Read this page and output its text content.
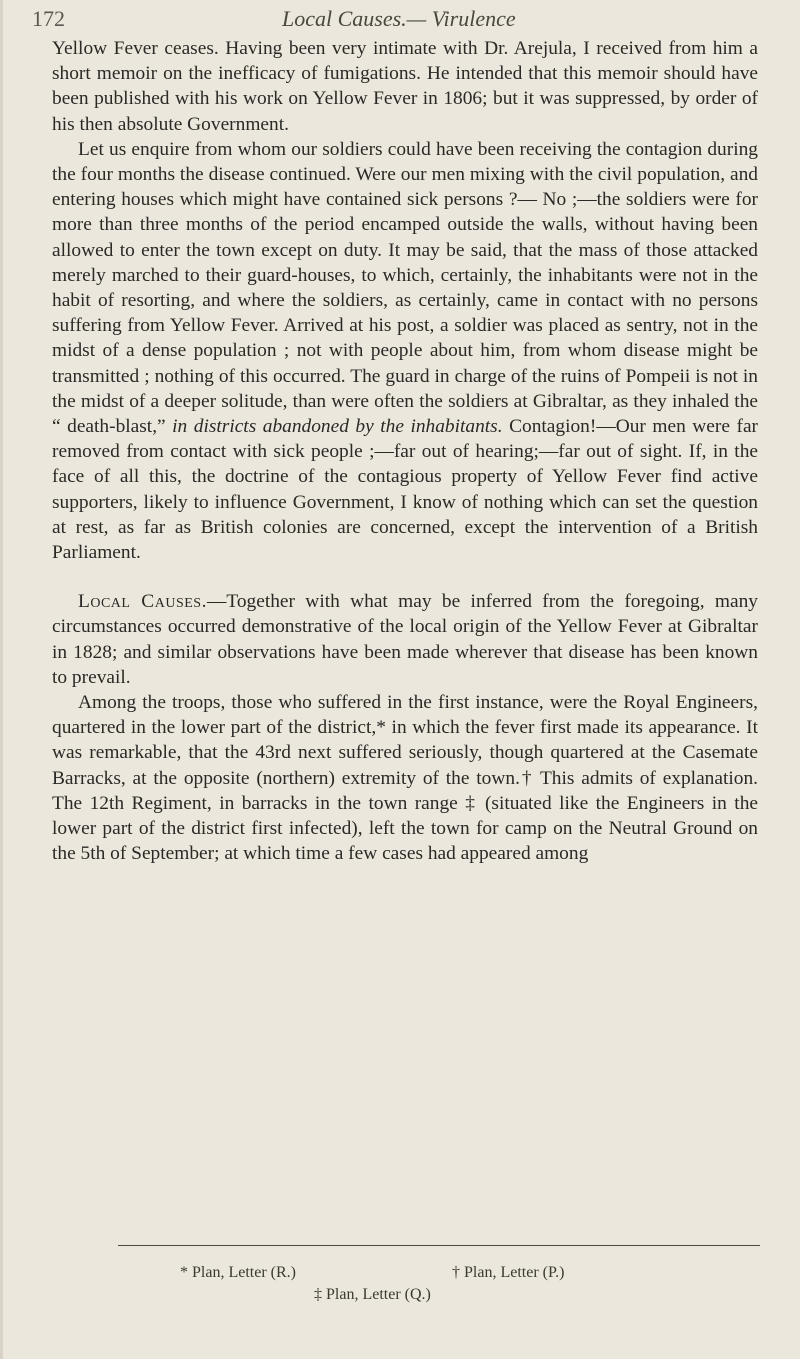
172	Local Causes.— Virulence

Yellow Fever ceases. Having been very intimate with Dr. Arejula, I received from him a short memoir on the inefficacy of fumigations. He intended that this memoir should have been published with his work on Yellow Fever in 1806; but it was suppressed, by order of his then absolute Government.

Let us enquire from whom our soldiers could have been receiving the contagion during the four months the disease continued. Were our men mixing with the civil population, and entering houses which might have contained sick persons ?— No ;—the soldiers were for more than three months of the period encamped outside the walls, without having been allowed to enter the town except on duty. It may be said, that the mass of those attacked merely marched to their guard-houses, to which, certainly, the inhabitants were not in the habit of resorting, and where the soldiers, as certainly, came in contact with no persons suffering from Yellow Fever. Arrived at his post, a soldier was placed as sentry, not in the midst of a dense population ; not with people about him, from whom disease might be transmitted ; nothing of this occurred. The guard in charge of the ruins of Pompeii is not in the midst of a deeper solitude, than were often the soldiers at Gibraltar, as they inhaled the “ death-blast,” in districts abandoned by the inhabitants. Contagion!—Our men were far removed from contact with sick people ;—far out of hearing;—far out of sight. If, in the face of all this, the doctrine of the contagious property of Yellow Fever find active supporters, likely to influence Government, I know of nothing which can set the question at rest, as far as British colonies are concerned, except the intervention of a British Parliament.

Local Causes.—Together with what may be inferred from the foregoing, many circumstances occurred demonstrative of the local origin of the Yellow Fever at Gibraltar in 1828; and similar observations have been made wherever that disease has been known to prevail.

Among the troops, those who suffered in the first instance, were the Royal Engineers, quartered in the lower part of the district,* in which the fever first made its appearance. It was remarkable, that the 43rd next suffered seriously, though quartered at the Casemate Barracks, at the opposite (northern) extremity of the town.† This admits of explanation. The 12th Regiment, in barracks in the town range ‡ (situated like the Engineers in the lower part of the district first infected), left the town for camp on the Neutral Ground on the 5th of September; at which time a few cases had appeared among

* Plan, Letter (R.)	† Plan, Letter (P.)
‡ Plan, Letter (Q.)
